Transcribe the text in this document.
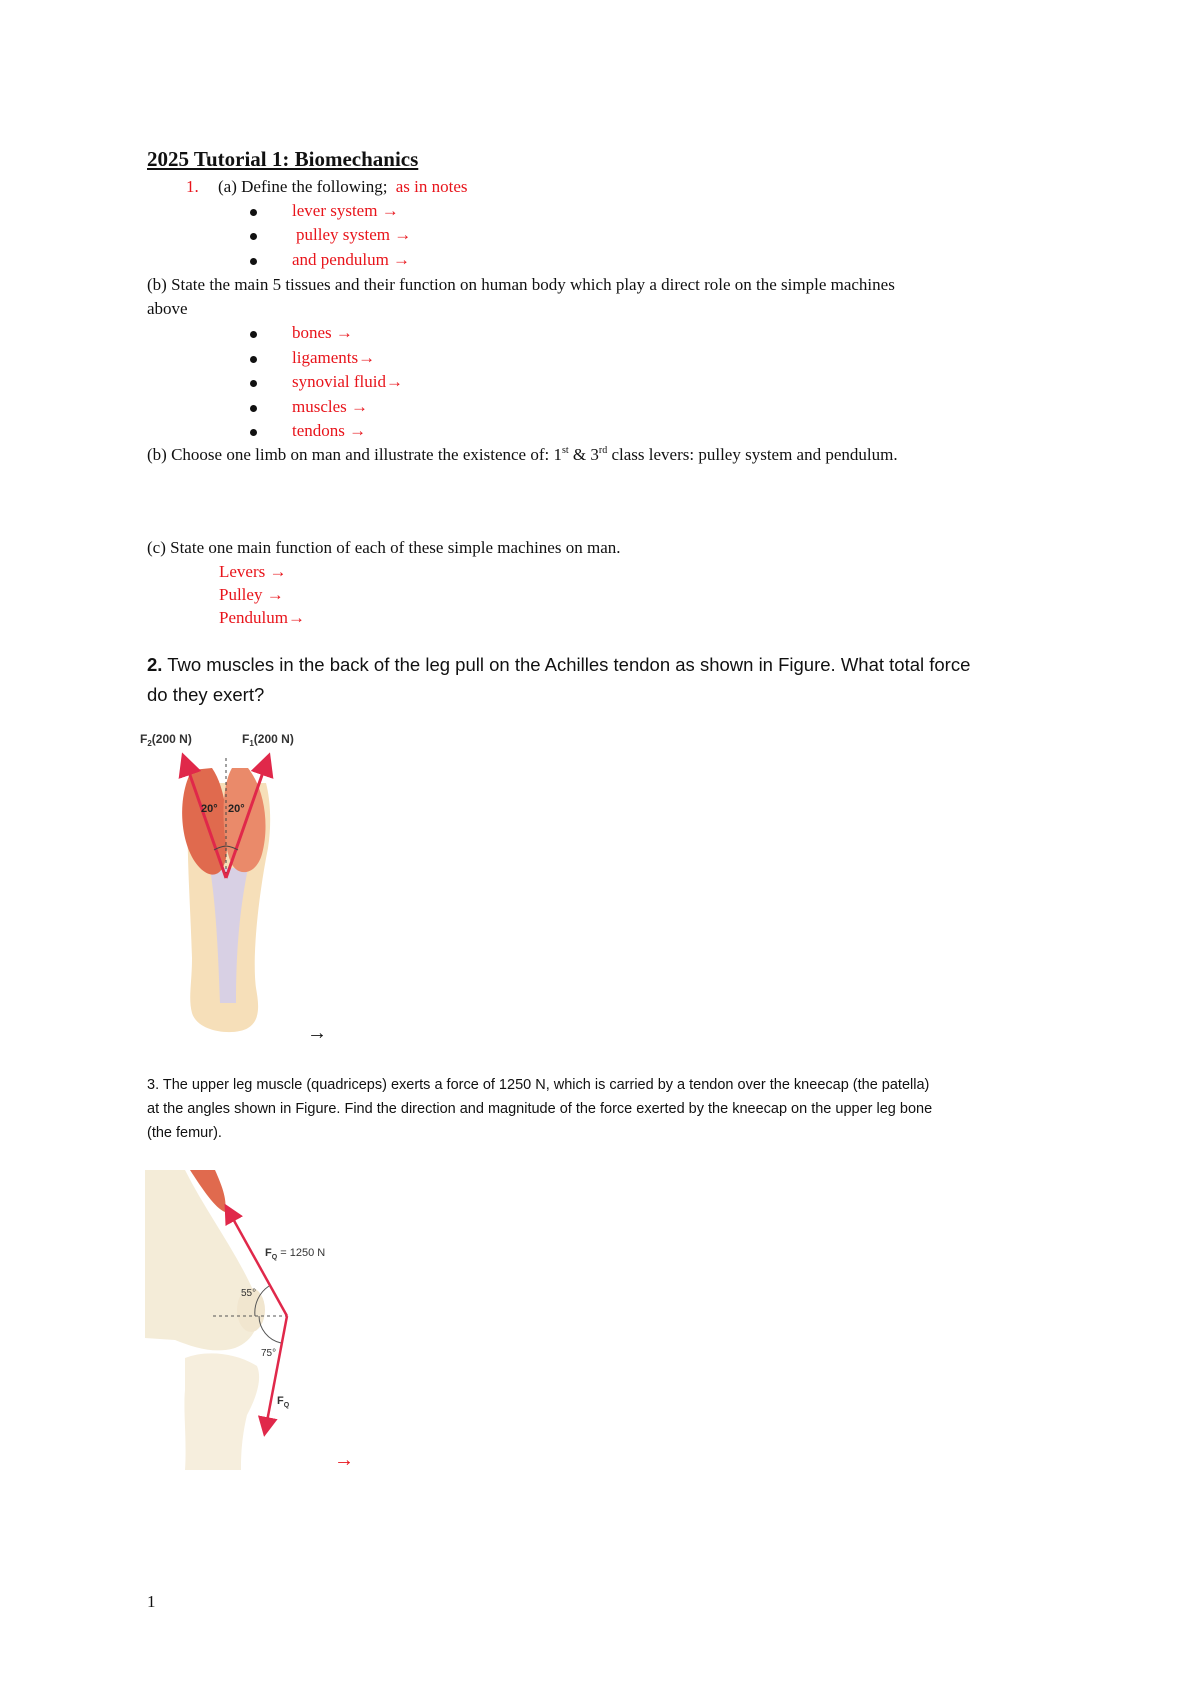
2025 Tutorial 1: Biomechanics
1. (a) Define the following; as in notes
lever system →
pulley system →
and pendulum →
(b) State the main 5 tissues and their function on human body which play a direct role on the simple machines
above
bones →
ligaments→
synovial fluid→
muscles →
tendons →
(b) Choose one limb on man and illustrate the existence of: 1st & 3rd class levers: pulley system and pendulum.
(c) State one main function of each of these simple machines on man.
Levers →
Pulley →
Pendulum→
2. Two muscles in the back of the leg pull on the Achilles tendon as shown in Figure. What total force
do they exert?
$F_2(200$ N)	$F_1(200$ N)
20° 20°
→
3. The upper leg muscle (quadriceps) exerts a force of 1250 N, which is carried by a tendon over the kneecap (the patella)
at the angles shown in Figure. Find the direction and magnitude of the force exerted by the kneecap on the upper leg bone
(the femur).
$F_Q = 1250$ N
55°
75°
$F_Q$
→
1
